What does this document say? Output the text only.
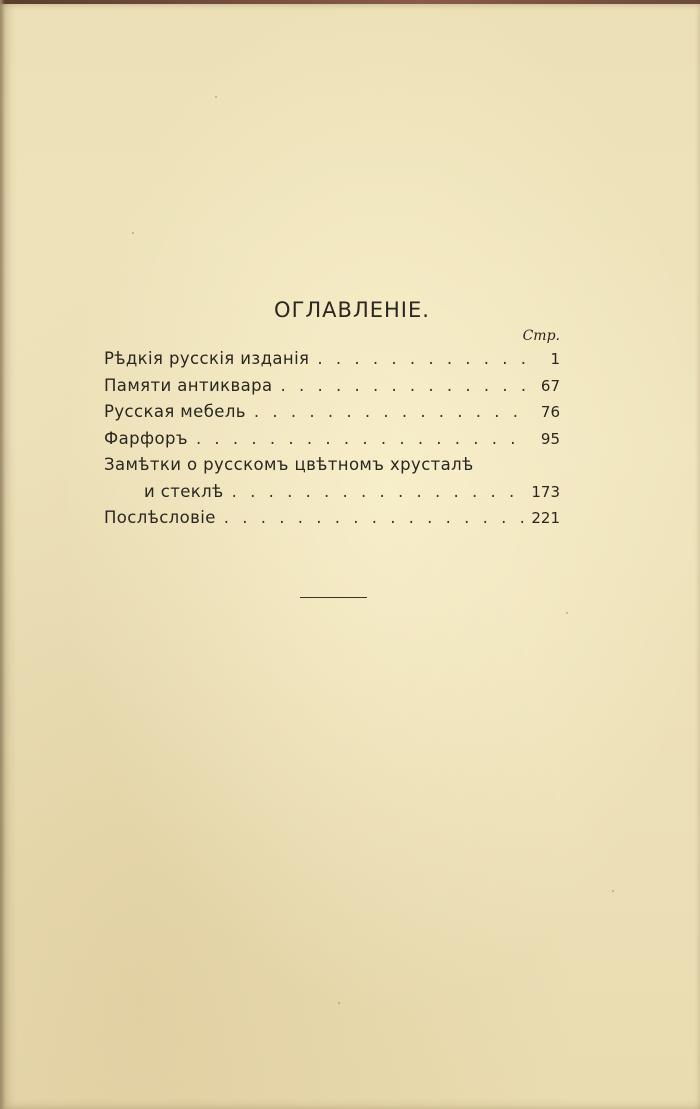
ОГЛАВЛЕНIЕ.
Стр.
Рѣдкiя русскiя изданiя . . .	1
Памяти антиквара . . .	67
Русская мебель . . .	76
Фарфоръ . . .	95
Замѣтки о русскомъ цвѣтномъ хрусталѣ
и стеклѣ . . .	173
Послѣсловiе . . .	221
